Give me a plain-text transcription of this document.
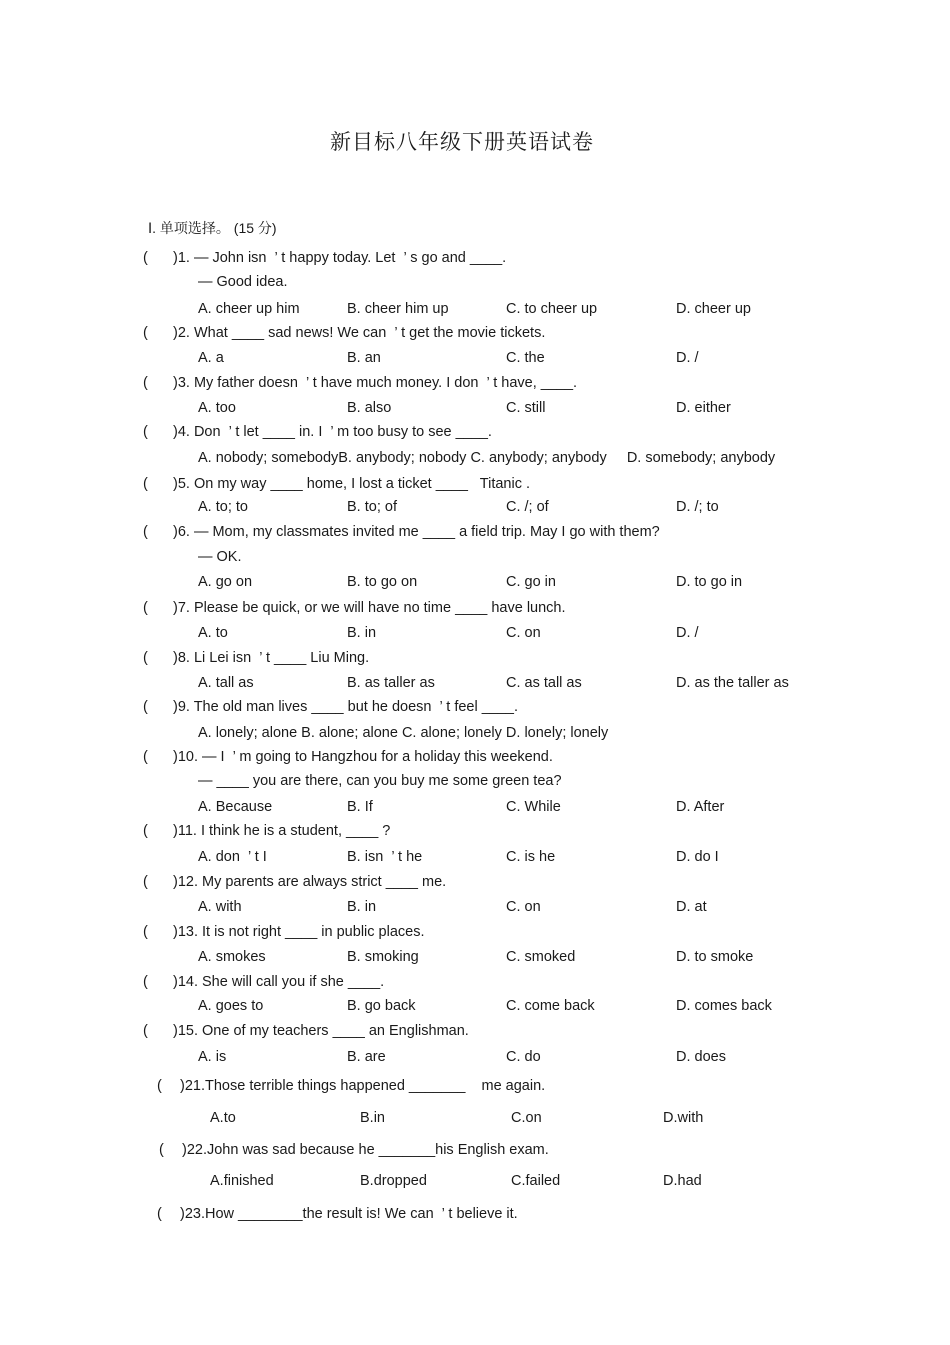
新目标八年级下册英语试卷
Ⅰ. 单项选择。 (15 分)
( )1. — John isn  ’ t happy today. Let  ’ s go and ____.
— Good idea.
A. cheer up him	B. cheer him up	C. to cheer up	D. cheer up
( )2. What ____ sad news! We can  ’ t get the movie tickets.
A. a	B. an	C. the	D. /
( )3. My father doesn  ’ t have much money. I don  ’ t have, ____.
A. too	B. also	C. still	D. either
( )4. Don  ’ t let ____ in. I  ’ m too busy to see ____.
A. nobody; somebodyB. anybody; nobody C. anybody; anybody     D. somebody; anybody
( )5. On my way ____ home, I lost a ticket ____   Titanic .
A. to; to	B. to; of	C. /; of	D. /; to
( )6. — Mom, my classmates invited me ____ a field trip. May I go with them?
— OK.
A. go on	B. to go on	C. go in	D. to go in
( )7. Please be quick, or we will have no time ____ have lunch.
A. to	B. in	C. on	D. /
( )8. Li Lei isn  ’ t ____ Liu Ming.
A. tall as	B. as taller as	C. as tall as	D. as the taller as
( )9. The old man lives ____ but he doesn  ’ t feel ____.
A. lonely; alone B. alone; alone C. alone; lonely D. lonely; lonely
( )10. — I  ’ m going to Hangzhou for a holiday this weekend.
— ____ you are there, can you buy me some green tea?
A. Because	B. If	C. While	D. After
( )11. I think he is a student, ____ ?
A. don  ’ t I	B. isn  ’ t he	C. is he	D. do I
( )12. My parents are always strict ____ me.
A. with	B. in	C. on	D. at
( )13. It is not right ____ in public places.
A. smokes	B. smoking	C. smoked	D. to smoke
( )14. She will call you if she ____.
A. goes to	B. go back	C. come back	D. comes back
( )15. One of my teachers ____ an Englishman.
A. is	B. are	C. do	D. does
( )21.Those terrible things happened _______    me again.
A.to	B.in	C.on	D.with
( )22.John was sad because he _______his English exam.
A.finished	B.dropped	C.failed	D.had
( )23.How ________the result is! We can  ’ t believe it.
